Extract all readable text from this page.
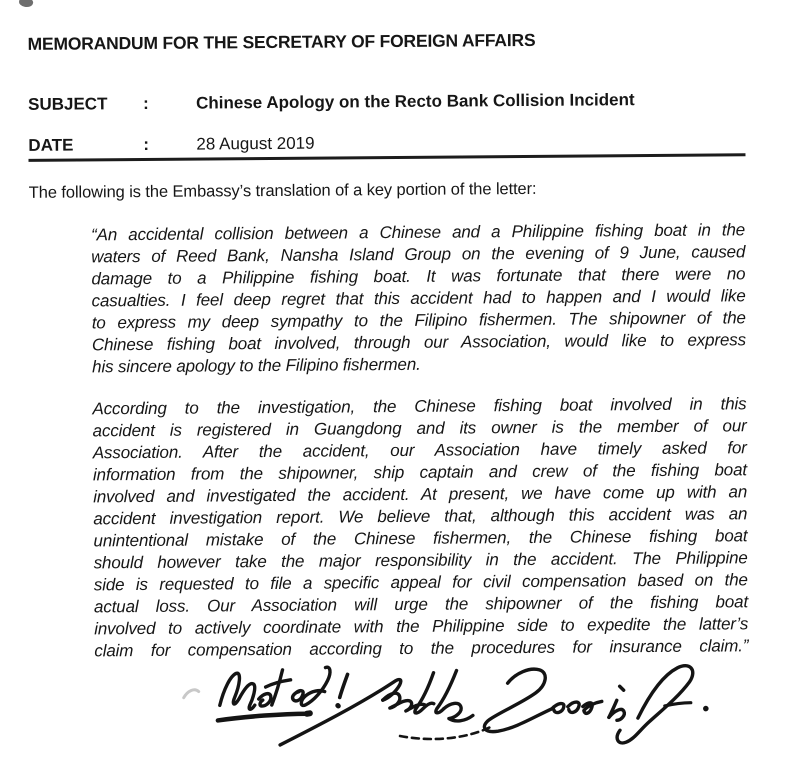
MEMORANDUM FOR THE SECRETARY OF FOREIGN AFFAIRS
SUBJECT	:	Chinese Apology on the Recto Bank Collision Incident
DATE	:	28 August 2019
The following is the Embassy’s translation of a key portion of the letter:
“An accidental collision between a Chinese and a Philippine fishing boat in the
waters of Reed Bank, Nansha Island Group on the evening of 9 June, caused
damage to a Philippine fishing boat. It was fortunate that there were no
casualties. I feel deep regret that this accident had to happen and I would like
to express my deep sympathy to the Filipino fishermen. The shipowner of the
Chinese fishing boat involved, through our Association, would like to express
his sincere apology to the Filipino fishermen.
According to the investigation, the Chinese fishing boat involved in this
accident is registered in Guangdong and its owner is the member of our
Association. After the accident, our Association have timely asked for
information from the shipowner, ship captain and crew of the fishing boat
involved and investigated the accident. At present, we have come up with an
accident investigation report. We believe that, although this accident was an
unintentional mistake of the Chinese fishermen, the Chinese fishing boat
should however take the major responsibility in the accident. The Philippine
side is requested to file a specific appeal for civil compensation based on the
actual loss. Our Association will urge the shipowner of the fishing boat
involved to actively coordinate with the Philippine side to expedite the latter’s
claim for compensation according to the procedures for insurance claim.”
